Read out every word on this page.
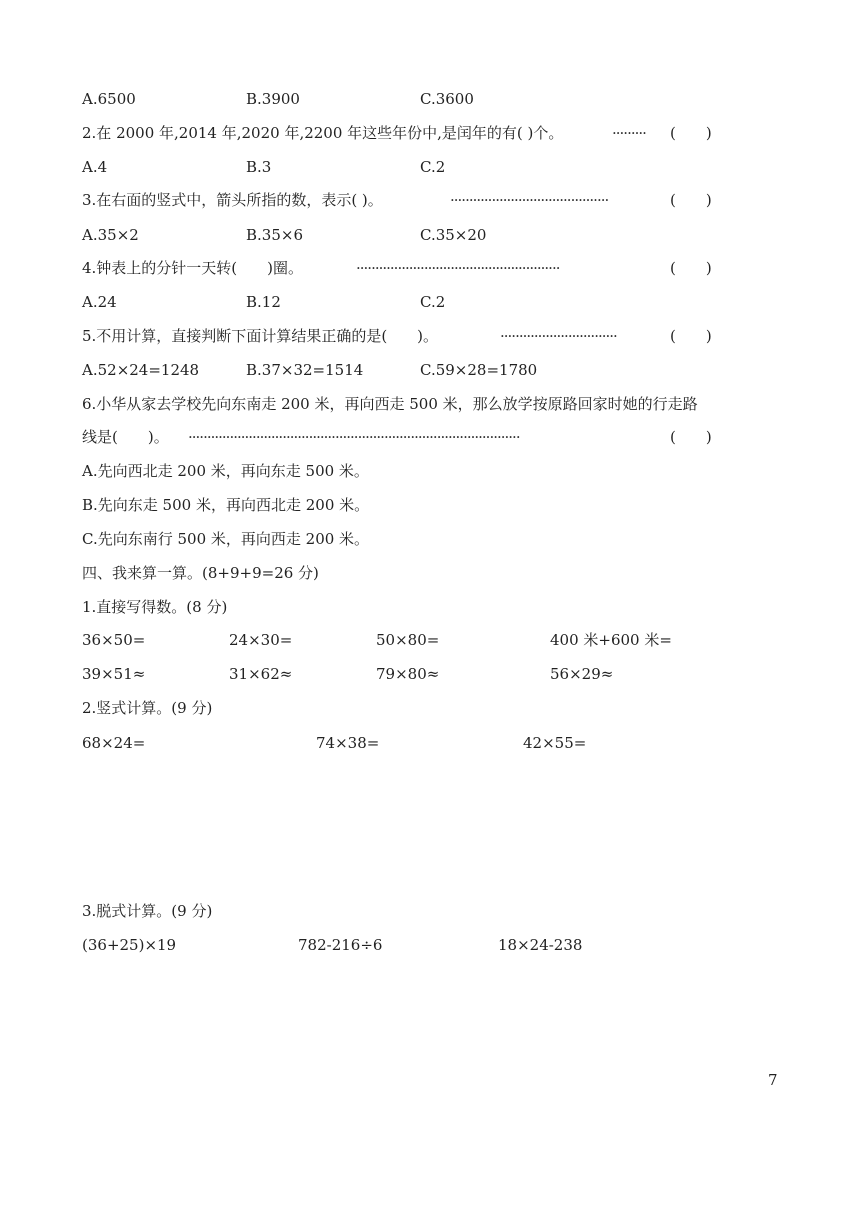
A.6500	B.3900	C.3600
2.在 2000 年,2014 年,2020 年,2200 年这些年份中,是闰年的有( )个。	········· (　　)
A.4	B.3	C.2
3.在右面的竖式中，箭头所指的数，表示( )。	··········································	(　　)
A.35×2	B.35×6	C.35×20
4.钟表上的分针一天转(　　)圈。	······················································	(　　)
A.24	B.12	C.2
5.不用计算，直接判断下面计算结果正确的是(　　)。	·······························	(　　)
A.52×24=1248	B.37×32=1514	C.59×28=1780
6.小华从家去学校先向东南走 200 米，再向西走 500 米，那么放学按原路回家时她的行走路
线是(　　)。 ························································································	(　　)
A.先向西北走 200 米，再向东走 500 米。
B.先向东走 500 米，再向西北走 200 米。
C.先向东南行 500 米，再向西走 200 米。
四、我来算一算。(8+9+9=26 分)
1.直接写得数。(8 分)
36×50=	24×30=	50×80=	400 米+600 米=
39×51≈	31×62≈	79×80≈	56×29≈
2.竖式计算。(9 分)
68×24=	74×38=	42×55=
3.脱式计算。(9 分)
(36+25)×19	782-216÷6	18×24-238
7
